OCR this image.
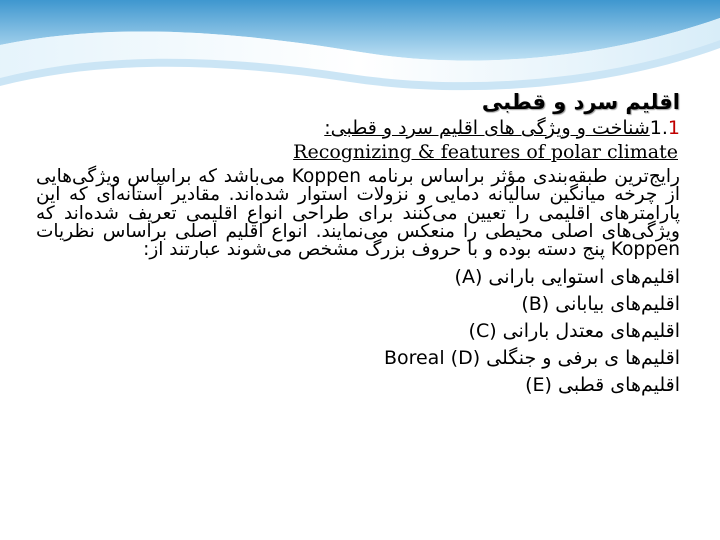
اقلیم سرد و قطبی
1.1شناخت و ویژگی های اقلیم سرد و قطبی:
Recognizing & features of polar climate
رایج‌ترین طبقه‌بندی مؤثر براساس برنامه Koppen می‌باشد که براساس ویژگی‌هایی از چرخه میانگین سالیانه دمایی و نزولات استوار شده‌اند. مقادیر آستانه‌ای که این پارامترهای اقلیمی را تعیین می‌کنند برای طراحی انواع اقلیمی تعریف شده‌اند که ویژگی‌های اصلی محیطی را منعکس می‌نمایند. انواع اقلیم اصلی براساس نظریات Koppen پنج دسته بوده و با حروف بزرگ مشخص می‌شوند عبارتند از:
اقلیم‌های استوایی بارانی (A)
اقلیم‌های بیابانی (B)
اقلیم‌های معتدل بارانی (C)
اقلیم‌ها ی برفی و جنگلی (D) Boreal
اقلیم‌های قطبی (E)
